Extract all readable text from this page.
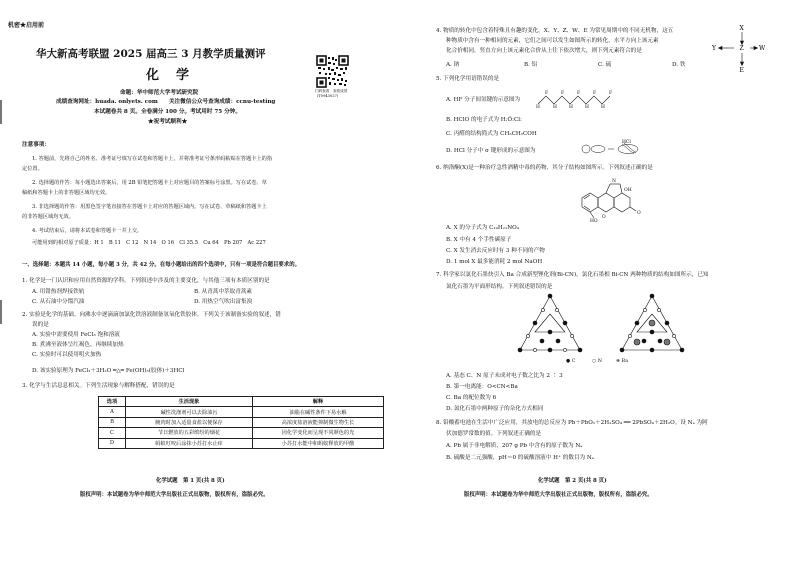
机密★启用前
华大新高考联盟 2025 届高三 3 月教学质量测评
化　学
扫码查看　查看成绩
(T0943027)
命题：华中师范大学考试研究院
成绩查询网址：huada. onlyets. com　　关注微信公众号查询成绩：ccnu-testing
本试题卷共 8 页。全卷满分 100 分。考试用时 75 分钟。
★祝考试顺利★
注意事项：
1. 答题前，先将自己的姓名、准考证号填写在试卷和答题卡上，并将准考证号条形码粘贴在答题卡上的指
定位置。
2. 选择题的作答：每小题选出答案后，用 2B 铅笔把答题卡上对应题目的答案标号涂黑。写在试卷、草
稿纸和答题卡上的非答题区域均无效。
3. 非选择题的作答：用黑色签字笔直接答在答题卡上对应的答题区域内。写在试卷、草稿纸和答题卡上
的非答题区域均无效。
4. 考试结束后，请将本试卷和答题卡一并上交。
可能用到的相对原子质量：H 1　B 11　C 12　N 14　O 16　Cl 35.5　Cu 64　Pb 207　Ac 227
一、选择题：本题共 14 小题，每小题 3 分，共 42 分。在每小题给出的四个选项中，只有一项是符合题目要求的。
1. 化学是一门认识和应用自然资源的学科。下列叙述中涉及的主要变化，与其他三项有本质区别的是
A. 用钳热剂焊接铁轨	B. 从青蒿中萃取青蒿素
C. 从石油中分馏汽油	D. 用热空气吹出富集溴
2. 实验是化学的基础。向沸水中逐滴滴加氯化铁溶液制备氢氧化铁胶体。下列关于该制备实验的叙述，错
误的是
A. 实验中需要使用 FeCl₃ 饱和溶液
B. 煮沸至液体呈红褐色，再继续加热
C. 实验时可以使用明火加热
D. 该实验原理为 FeCl₃＋3H₂O ═△═ Fe(OH)₃(胶体)＋3HCl
3. 化学与生活息息相关。下列生活现象与解释搭配，错误的是
选项	生活现象	解释
A	碱性洗涤剂可以去除油污	油脂在碱性条件下易水解
B	腌肉时加入适量食盐以便保存	高浓度盐溶液能抑制微生物生长
C	节日燃放的五彩缤纷的烟花	因化学变化而呈现不同颜色的光
D	蚂蚁叮咬后涂抹小苏打水止痒	小苏打水能中和蚂蚁释放的甲酸
化学试题　第 1 页(共 8 页)
版权声明：本试题卷为华中师范大学出版社正式出版物，版权所有，盗版必究。
4. 物质的转化中包含着特殊且有趣的变化。X、Y、Z、W、E 为常见周期中的不同无机物，这五
种物质中含有一种相同的元素，它们之间可以发生如图所示的转化，水平方向上该元素
化合价相同，竖直方向上该元素化合价从上往下依次增大，则下列元素符合的是
A. 钠	B. 铝	C. 硫	D. 铁
X
Y	Z	W
E
5. 下列化学用语错误的是
A. HF 分子间氢键的示意图为
H
F
H
F
H
F
H
F
H
F
B. HClO 的电子式为 H:Ö:Cl:
C. 丙醛的结构简式为 CH₃CH₂COH
D. HCl 分子中 σ 键形成的示意图为
HCl
6. 纳洛酮(X)是一种治疗急性酒精中毒的药物，其分子结构如图所示。下列叙述正确的是
HO
O
O
OH
N
A. X 的分子式为 C₁₉H₂₁NO₄
B. X 中有 4 个手性碳原子
C. X 发生消去反应时有 3 种不同的产物
D. 1 mol X 最多能消耗 2 mol NaOH
7. 科学家以氯化石墨炔引入 Ba 合成新型锂化剂(Bi-CN)，氯化石墨相 Bi-CN 两种物质的结构如图所示，已知
氮化石墨为平面形结构。下列叙述错误的是
● C	○ N	⊛ Ba
A. 基态 C、N 原子未成对电子数之比为 2 ∶ 3
B. 第一电离能：O<CN<Ba
C. Ba 的配位数为 6
D. 氮化石墨中两种原子的杂化方式相同
8. 铅酸蓄电池在生活中广泛应用，其放电的总反应为 Pb＋PbO₂＋2H₂SO₄ ══ 2PbSO₄＋2H₂O。设 Nₐ 为阿
伏加德罗常数的值。下列叙述正确的是
A. Pb 属于非电解质，207 g Pb 中含有的原子数为 Nₐ
B. 硫酸是二元强酸，pH＝0 的硫酸溶液中 H⁺ 的数目为 Nₐ
化学试题　第 2 页(共 8 页)
版权声明：本试题卷为华中师范大学出版社正式出版物，版权所有，盗版必究。
